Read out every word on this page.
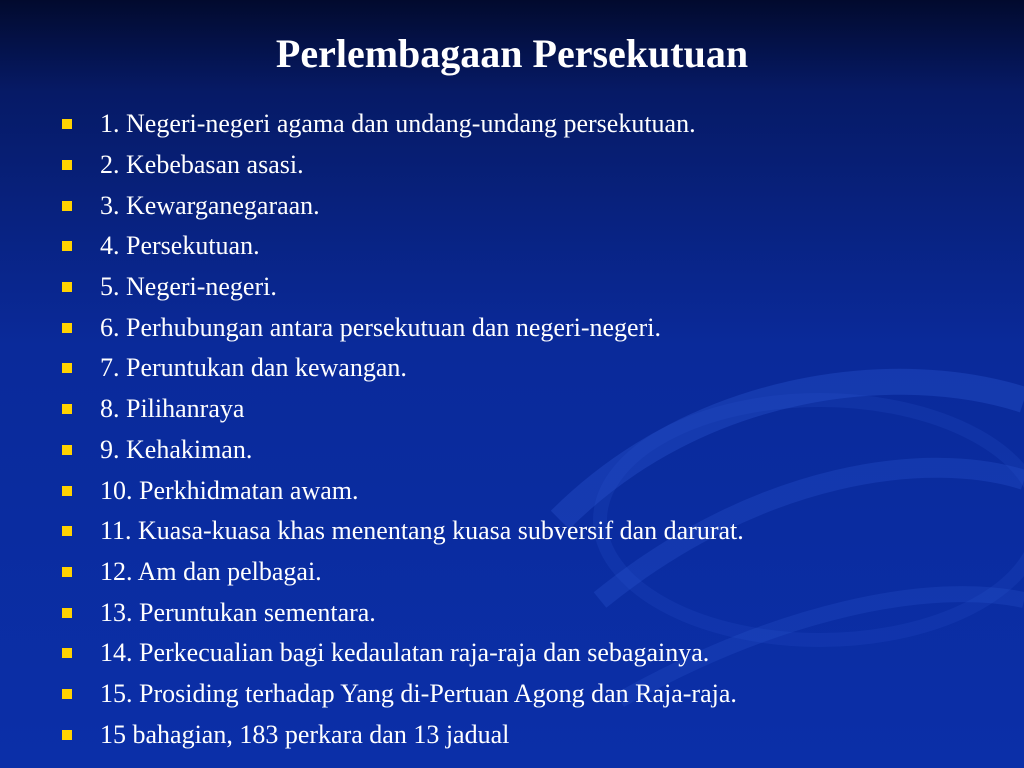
Perlembagaan Persekutuan
1. Negeri-negeri agama dan undang-undang persekutuan.
2. Kebebasan asasi.
3. Kewarganegaraan.
4. Persekutuan.
5. Negeri-negeri.
6. Perhubungan antara persekutuan dan negeri-negeri.
7. Peruntukan dan kewangan.
8. Pilihanraya
9. Kehakiman.
10. Perkhidmatan awam.
11. Kuasa-kuasa khas menentang kuasa subversif dan darurat.
12. Am dan pelbagai.
13. Peruntukan sementara.
14. Perkecualian bagi kedaulatan raja-raja dan sebagainya.
15. Prosiding terhadap Yang di-Pertuan Agong dan Raja-raja.
15 bahagian, 183 perkara dan 13 jadual
